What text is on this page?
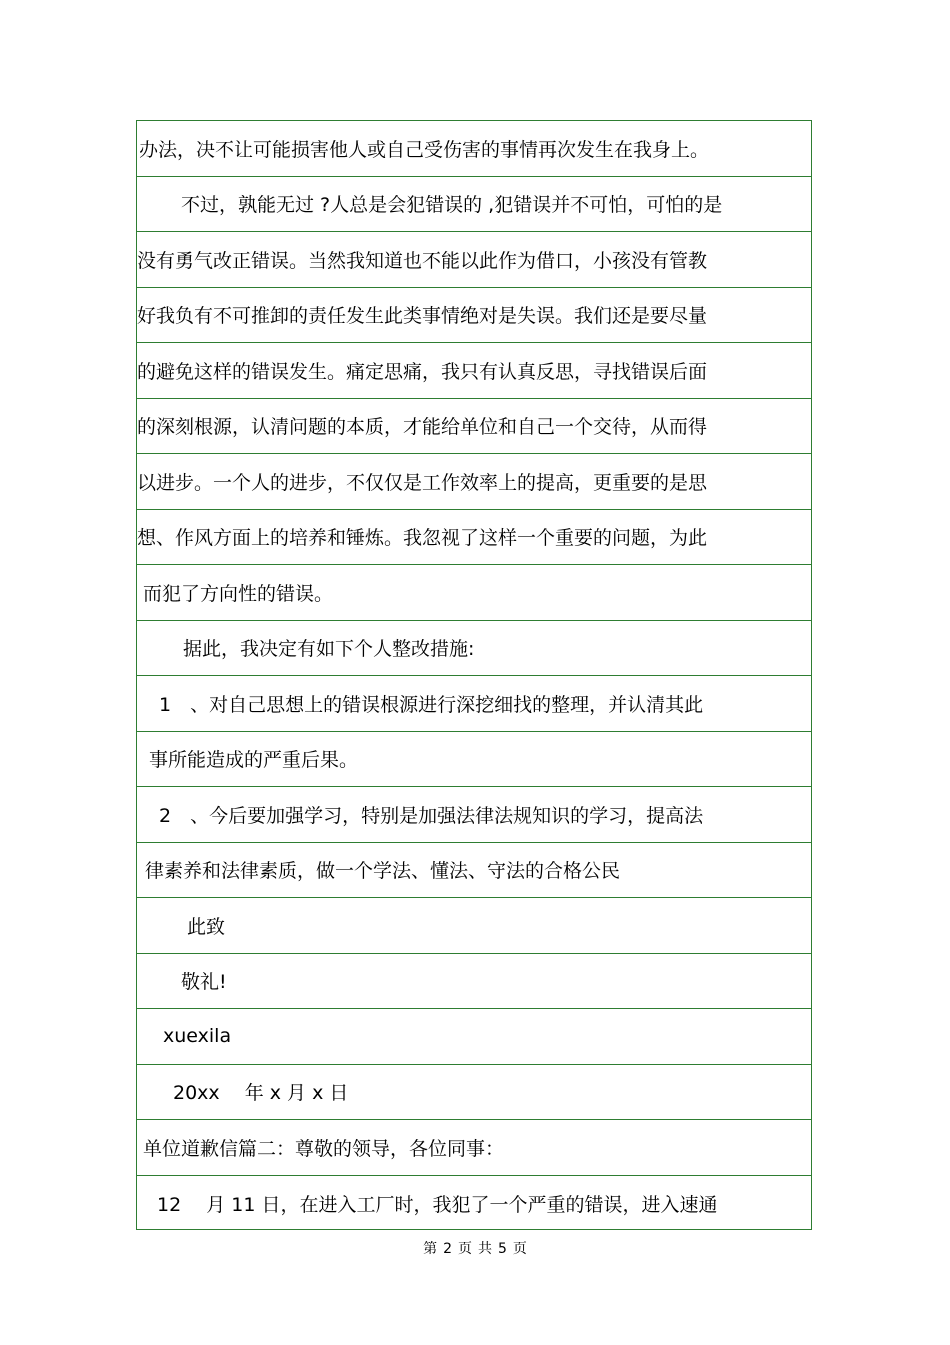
办法，决不让可能损害他人或自己受伤害的事情再次发生在我身上。
不过，孰能无过 ?人总是会犯错误的 ,犯错误并不可怕，可怕的是
没有勇气改正错误。当然我知道也不能以此作为借口，小孩没有管教
好我负有不可推卸的责任发生此类事情绝对是失误。我们还是要尽量
的避免这样的错误发生。痛定思痛，我只有认真反思，寻找错误后面
的深刻根源，认清问题的本质，才能给单位和自己一个交待，从而得
以进步。一个人的进步，不仅仅是工作效率上的提高，更重要的是思
想、作风方面上的培养和锤炼。我忽视了这样一个重要的问题，为此
而犯了方向性的错误。
据此，我决定有如下个人整改措施:
1　、对自己思想上的错误根源进行深挖细找的整理，并认清其此
事所能造成的严重后果。
2　、今后要加强学习，特别是加强法律法规知识的学习，提高法
律素养和法律素质，做一个学法、懂法、守法的合格公民
此致
敬礼!
xuexila
20xx　 年 x 月 x 日
单位道歉信篇二：尊敬的领导，各位同事：
12　 月 11 日，在进入工厂时，我犯了一个严重的错误，进入速通
第 2 页 共 5 页
